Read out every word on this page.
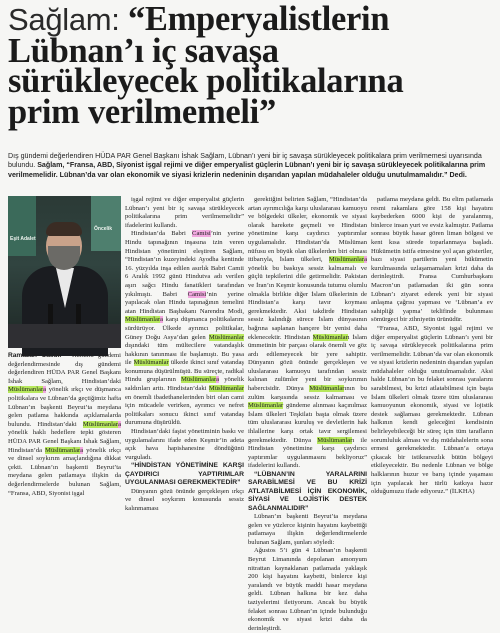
Sağlam: “Emperyalistlerin
Lübnan’ı iç savaşa
sürükleyecek politikalarına
prim verilmemeli”
Dış gündemi değerlendiren HÜDA PAR Genel Başkanı İshak Sağlam, Lübnan’ı yeni bir iç savaşa sürükleyecek politikalara prim verilmemesi uyarısında bulundu. Sağlam, “Fransa, ABD, Siyonist işgal rejimi ve diğer emperyalist güçlerin Lübnan’ı yeni bir iç savaşa sürükleyecek politikalarına prim verilmemelidir. Lübnan’da var olan ekonomik ve siyasi krizlerin nedeninin dışarıdan yapılan müdahaleler olduğu unutulmamalıdır.” Dedi.
Eşit Adalet
Öncelik
Ramazan Casuk - Haftalık gündemi değerlendirmesinde dış gündemi değerlendiren HÜDA PAR Genel Başkanı İshak Sağlam, Hindistan’daki Müslümanlara yönelik ırkçı ve düşmanca politikalara ve Lübnan’da geçtiğimiz hafta Lübnan’ın başkenti Beyrut’ta meydana gelen patlama hakkında açıklamalarda bulundu. Hindistan’daki Müslümanlara yönelik haklı hedeflere tepki gösteren HÜDA PAR Genel Başkanı İshak Sağlam, Hindistan’da Müslümanlara yönelik ırkçı ve dinsel soykırım amaçlandığına dikkat çekti. Lübnan’ın başkenti Beyrut’ta meydana gelen patlamaya ilişkin da değerlendirmelerde bulunan Sağlam, “Fransa, ABD, Siyonist işgal

işgal rejimi ve diğer emperyalist güçlerin Lübnan’ı yeni bir iç savaşa sürükleyecek politikalarına prim verilmemelidir” ifadelerini kullandı.

Hindistan’da Babri Camisi’nin yerine Hindu tapınağının inşasına izin veren Hindistan yönetimini eleştiren Sağlam, “Hindistan’ın kuzeyindeki Ayodha kentinde 16. yüzyılda inşa edilen asırlık Babri Camii 6 Aralık 1992 günü Hindutva adı verilen aşırı sağcı Hindu fanatikleri tarafından yıkılmıştı. Babri Camisi’nin yerine yapılacak olan Hindu tapınağının temelini atan Hindistan Başbakanı Narendra Modi, Müslümanlara karşı düşmanca politikalarını sürdürüyor. Ülkede ayrımcı politikalar, Güney Doğu Asya’dan gelen Müslümanlar dışındaki tüm mültecilere vatandaşlık hakkının tanınması ile başlamıştı. Bu yasa ile Müslümanlar ülkede ikinci sınıf vatandaş konumuna düşürülmüştü. Bu süreçte, radikal Hindu gruplarının Müslümanlara yönelik saldırıları arttı. Hindistan’daki Müslümanlar en önemli ibadethanelerinden biri olan cami için mücadele verirken, ayrımcı ve nefret politikaları sonucu ikinci sınıf vatandaş durumuna düşürüldü.

Hindistan’daki faşist yönetiminin baskı ve uygulamalarını ifade eden Keşmir’in adeta açık hava hapishanesine döndüğünü vurguladı.

“HİNDİSTAN YÖNETİMİNE KARŞI ÇAYDIRICI YAPTIRIMLAR UYGULANMASI GEREKMEKTEDİR”

Dünyanın gözü önünde gerçekleşen ırkçı ve dinsel soykırım konusunda sessiz kalınmaması

gerektiğini belirten Sağlam, “Hindistan’da artan ayrımcılığa karşı uluslararası kamuoyu ve bölgedeki ülkeler, ekonomik ve siyasi olarak harekete geçmeli ve Hindistan yönetimine karşı caydırıcı yaptırımlar uygulamalıdır. Hindistan’da Müslüman nüfusu en büyük olan ülkelerden biri olması itibarıyla, İslam ülkeleri, Müslümanlara yönelik bu baskıya sessiz kalmamalı ve güçlü tepkilerini dile getirmelidir. Pakistan ve İran’ın Keşmir konusunda tutumu olumlu olmakla birlikte diğer İslam ülkelerinin de Hindistan’a karşı tavır koyması gerekmektedir. Aksi takdirde Hindistan sessiz kalındığı sürece İslam dünyasının bağrına saplanan hançere bir yenisi daha eklenecektir. Hindistan Müslümanları İslam ümmetinin bir parçası olarak önemli ve göz ardı edilemeyecek bir yere sahiptir. Dünyanın gözü önünde gerçekleşen ve uluslararası kamuoyu tarafından sessiz kalınan zulümler yeni bir soykırımın habercisidir. Dünya Müslümanlarının bu zulüm karşısında sessiz kalmaması ve Müslümanlar gündeme alınması kaçınılmaz İslam ülkeleri Teşkilatı başta olmak üzere tüm uluslararası kuruluş ve devletlerin hak ihlallerine karşı ortak tavır sergilemesi gerekmektedir. Dünya Müslümanları ile Hindistan yönetimine karşı çaydırıcı yaptırımlar uygulanmasını bekliyoruz” ifadelerini kullandı.

“LÜBNAN’IN YARALARINI SARABİLMESİ VE BU KRİZİ ATLATABİLMESİ İÇİN EKONOMİK, SİYASİ VE LOJİSTİK DESTEK SAĞLANMALIDIR”

Lübnan’ın başkenti Beyrut’ta meydana gelen ve yüzlerce kişinin hayatını kaybettiği patlamaya ilişkin değerlendirmelerde bulunan Sağlam, şunları söyledi:

Ağustos 5’i gün 4 Lübnan’ın başkenti Beyrut Limanında depolanan amonyum nitrattan kaynaklanan patlamada yaklaşık 200 kişi hayatını kaybetti, binlerce kişi yaralandı ve büyük maddi hasar meydana geldi. Lübnan halkına bir kez daha taziyelerimi iletiyorum. Ancak bu büyük felaket sonrası Lübnan’ın içinde bulunduğu ekonomik ve siyasi krizi daha da derinleştirdi.

patlama meydana geldi. Bu elim patlamada resmi rakamlara göre 158 kişi hayatını kaybederken 6000 kişi de yaralanmış, binlerce insan yurt ve evsiz kalmıştır. Patlama sonrası büyük hasar gören liman bölgesi ve kent kısa sürede toparlanmaya başladı. Hükümetin istifa etmesine yol açan gösteriler, bazı siyasi partilerin yeni hükümetin kurulmasında uzlaşamamaları krizi daha da derinleştirdi. Fransa Cumhurbaşkanı Macron’un patlamadan iki gün sonra Lübnan’ı ziyaret ederek yeni bir siyasi anlaşma çağrısı yapması ve ‘Lübnan’a ev sahipliği yapma’ teklifinde bulunması sömürgeci bir zihniyetin ürünüdür.

“Fransa, ABD, Siyonist işgal rejimi ve diğer emperyalist güçlerin Lübnan’ı yeni bir iç savaşa sürükleyecek politikalarına prim verilmemelidir. Lübnan’da var olan ekonomik ve siyasi krizlerin nedeninin dışarıdan yapılan müdahaleler olduğu unutulmamalıdır. Aksi halde Lübnan’ın bu felaket sonrası yaralarını sarabilmesi, bu krizi atlatabilmesi için başta İslam ülkeleri olmak üzere tüm uluslararası kamuoyunun ekonomik, siyasi ve lojistik destek sağlaması gerekmektedir. Lübnan halkının kendi geleceğini kendisinin belirleyebileceği bir süreç için tüm tarafların sorumluluk alması ve dış müdahalelerin sona ermesi gerekmektedir. Lübnan’a ortaya çıkacak bir istikrarsızlık bütün bölgeyi etkileyecektir. Bu nedenle Lübnan ve bölge halklarının huzur ve barış içinde yaşaması için yapılacak her türlü katkıya hazır olduğumuzu ifade ediyoruz.” (İLKHA)
